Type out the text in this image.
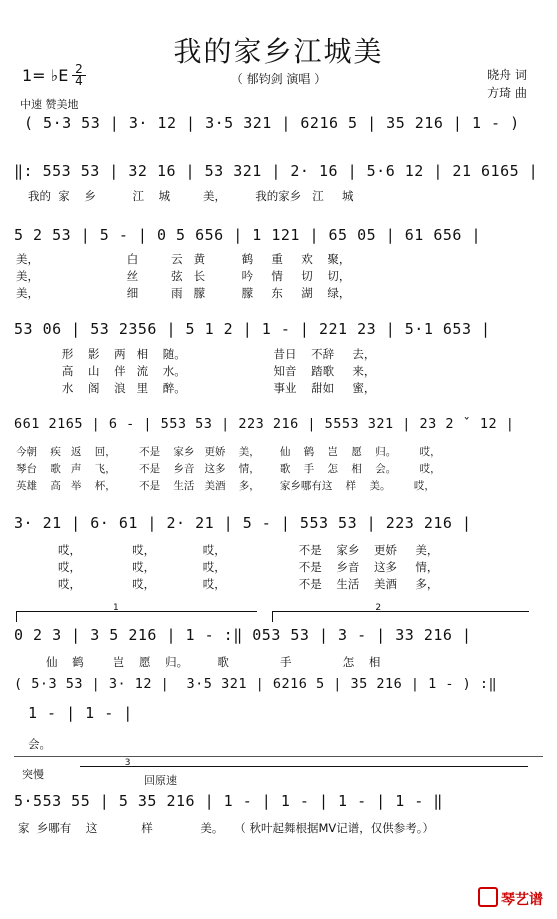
我的家乡江城美
1= ♭E 2
4	（ 郁钧剑 演唱 ）	晓舟 词
方琦 曲
中速 赞美地
( 5·3 53 | 3· 12 | 3·5 321 | 6216 5 | 35 216 | 1 - )
‖: 553 53 | 32 16 | 53 321 | 2· 16 | 5·6 12 | 21 6165 |
我的  家    乡          江    城         美，        我的家乡   江     城
5 2 53 | 5 - | 0 5 656 | 1 121 | 65 05 | 61 656 |
美，                        白         云   黄          鹤     重     欢    聚，
美，                        丝         弦   长          吟     情     切    切，
美，                        细         雨   朦          朦     东     湖    绿，
53 06 | 53 2356 | 5 1 2 | 1 - | 221 23 | 5·1 653 |
形    影    两   相    随。                        昔日    不辞     去，
高    山    伴   流    水。                        知音    踏歌     来，
水    阁    浪   里    醉。                        事业    甜如     蜜，
661 2165 | 6 - | 553 53 | 223 216 | 5553 321 | 23 2 ˇ 12 |
今朝    疾   返    回，       不是    家乡   更娇    美，      仙    鹤    岂    愿    归。       哎，
琴台    歌   声    飞，       不是    乡音   这多    情，      歌    手    怎    相    会。       哎，
英雄    高   举    杯，       不是    生活   美酒    多，      家乡哪有这    样    美。       哎，
3· 21 | 6· 61 | 2· 21 | 5 - | 553 53 | 223 216 |
哎，              哎，             哎，                    不是    家乡    更娇     美，
哎，              哎，             哎，                    不是    乡音    这多     情，
哎，              哎，             哎，                    不是    生活    美酒     多，
1	2
0 2 3 | 3 5 216 | 1 - :‖ 053 53 | 3 - | 33 216 |
仙    鹤        岂    愿    归。        歌              手              怎    相
( 5·3 53 | 3· 12 |  3·5 321 | 6216 5 | 35 216 | 1 - ) :‖
1 - | 1 - |
会。
突慢
3
回原速
5·553 55 | 5 35 216 | 1 - | 1 - | 1 - | 1 - ‖
家  乡哪有    这            样             美。   （ 秋叶起舞根据MV记谱，仅供参考。）
琴艺谱
